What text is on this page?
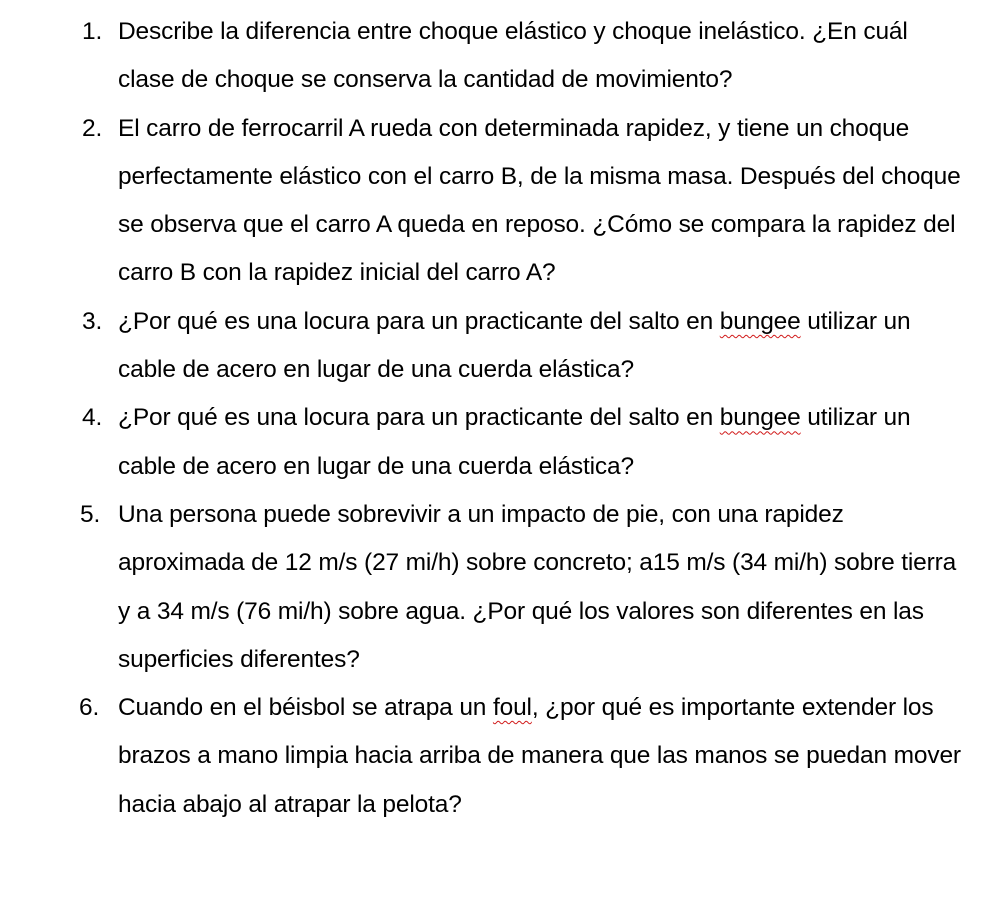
1. Describe la diferencia entre choque elástico y choque inelástico. ¿En cuál clase de choque se conserva la cantidad de movimiento?
2. El carro de ferrocarril A rueda con determinada rapidez, y tiene un choque perfectamente elástico con el carro B, de la misma masa. Después del choque se observa que el carro A queda en reposo. ¿Cómo se compara la rapidez del carro B con la rapidez inicial del carro A?
3. ¿Por qué es una locura para un practicante del salto en bungee utilizar un cable de acero en lugar de una cuerda elástica?
4. ¿Por qué es una locura para un practicante del salto en bungee utilizar un cable de acero en lugar de una cuerda elástica?
5. Una persona puede sobrevivir a un impacto de pie, con una rapidez aproximada de 12 m/s (27 mi/h) sobre concreto; a15 m/s (34 mi/h) sobre tierra y a 34 m/s (76 mi/h) sobre agua. ¿Por qué los valores son diferentes en las superficies diferentes?
6. Cuando en el béisbol se atrapa un foul, ¿por qué es importante extender los brazos a mano limpia hacia arriba de manera que las manos se puedan mover hacia abajo al atrapar la pelota?
